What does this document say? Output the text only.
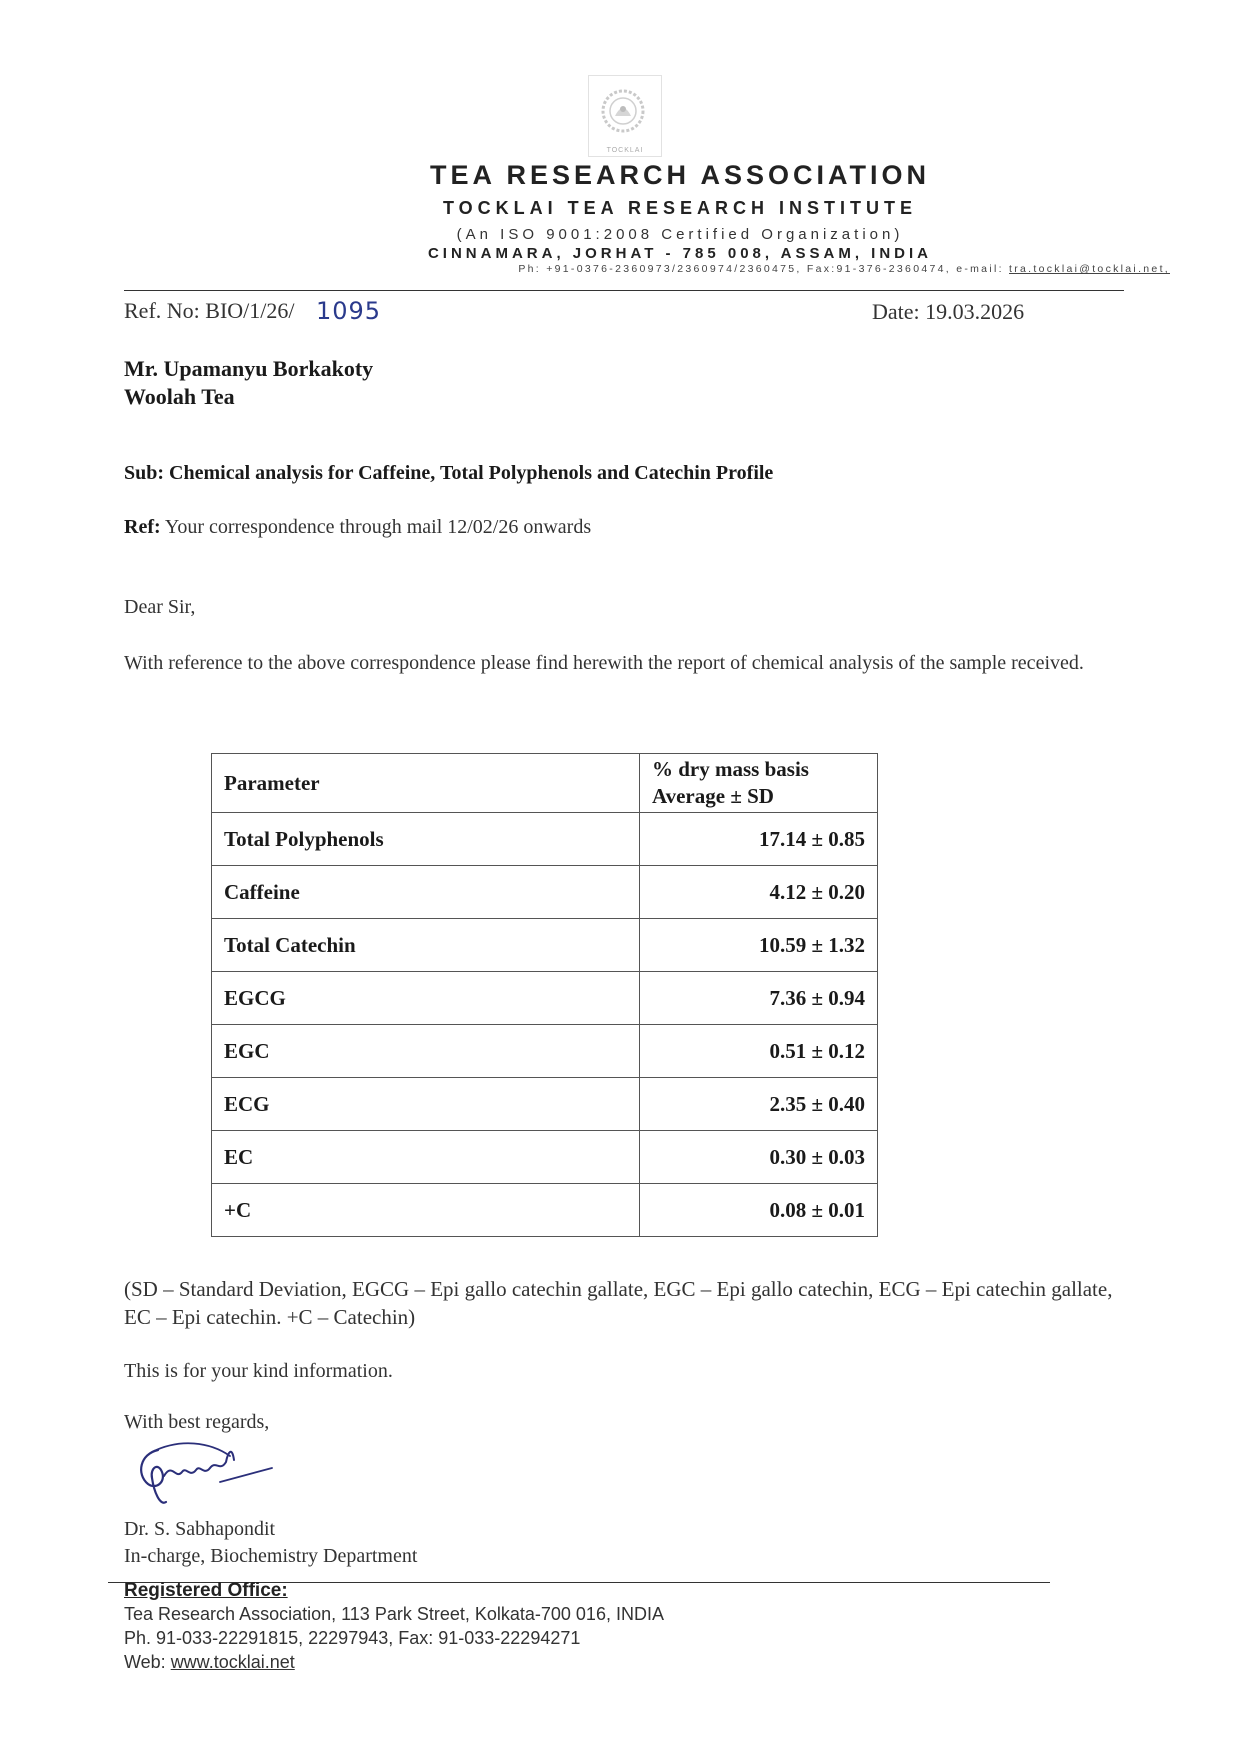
TOCKLAI
TEA RESEARCH ASSOCIATION
TOCKLAI TEA RESEARCH INSTITUTE
(An ISO 9001:2008 Certified Organization)
CINNAMARA, JORHAT - 785 008, ASSAM, INDIA
Ph: +91-0376-2360973/2360974/2360475, Fax:91-376-2360474, e-mail: tra.tocklai@tocklai.net,
Ref. No: BIO/1/26/ 1095	Date: 19.03.2026
Mr. Upamanyu Borkakoty
Woolah Tea
Sub: Chemical analysis for Caffeine, Total Polyphenols and Catechin Profile
Ref: Your correspondence through mail 12/02/26 onwards
Dear Sir,
With reference to the above correspondence please find herewith the report of chemical analysis of the sample received.
Parameter	% dry mass basis
Average ± SD

Total Polyphenols	17.14 ± 0.85
Caffeine	4.12 ± 0.20
Total Catechin	10.59 ± 1.32
EGCG	7.36 ± 0.94
EGC	0.51 ± 0.12
ECG	2.35 ± 0.40
EC	0.30 ± 0.03
+C	0.08 ± 0.01
(SD – Standard Deviation, EGCG – Epi gallo catechin gallate, EGC – Epi gallo catechin, ECG – Epi catechin gallate, EC – Epi catechin. +C – Catechin)
This is for your kind information.
With best regards,
Dr. S. Sabhapondit
In-charge, Biochemistry Department
Registered Office:
Tea Research Association, 113 Park Street, Kolkata-700 016, INDIA
Ph. 91-033-22291815, 22297943, Fax: 91-033-22294271
Web: www.tocklai.net
